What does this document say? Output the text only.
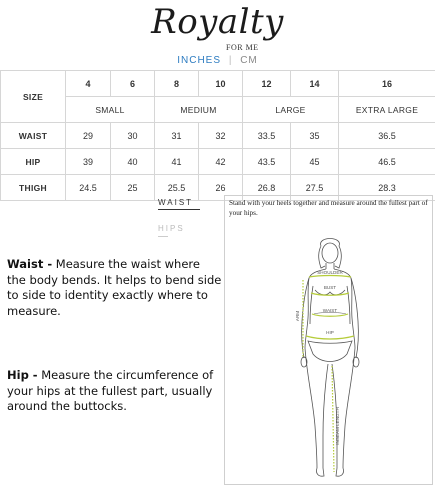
Royalty
FOR ME
INCHES | CM
SIZE	4	6	8	10	12	14	16
	SMALL		MEDIUM		LARGE		EXTRA LARGE
WAIST	29	30	31	32	33.5	35	36.5
HIP	39	40	41	42	43.5	45	46.5
THIGH	24.5	25	25.5	26	26.8	27.5	28.3
WAIST
HIPS
Stand with your heels together and measure around the fullest part of your hips.
SHOULDER
BUST
WAIST
HIP
ARM
INSEAM LENGTH
Waist - Measure the waist where the body bends. It helps to bend side to side to identity exactly where to measure.
Hip - Measure the circumference of your hips at the fullest part, usually around the buttocks.
